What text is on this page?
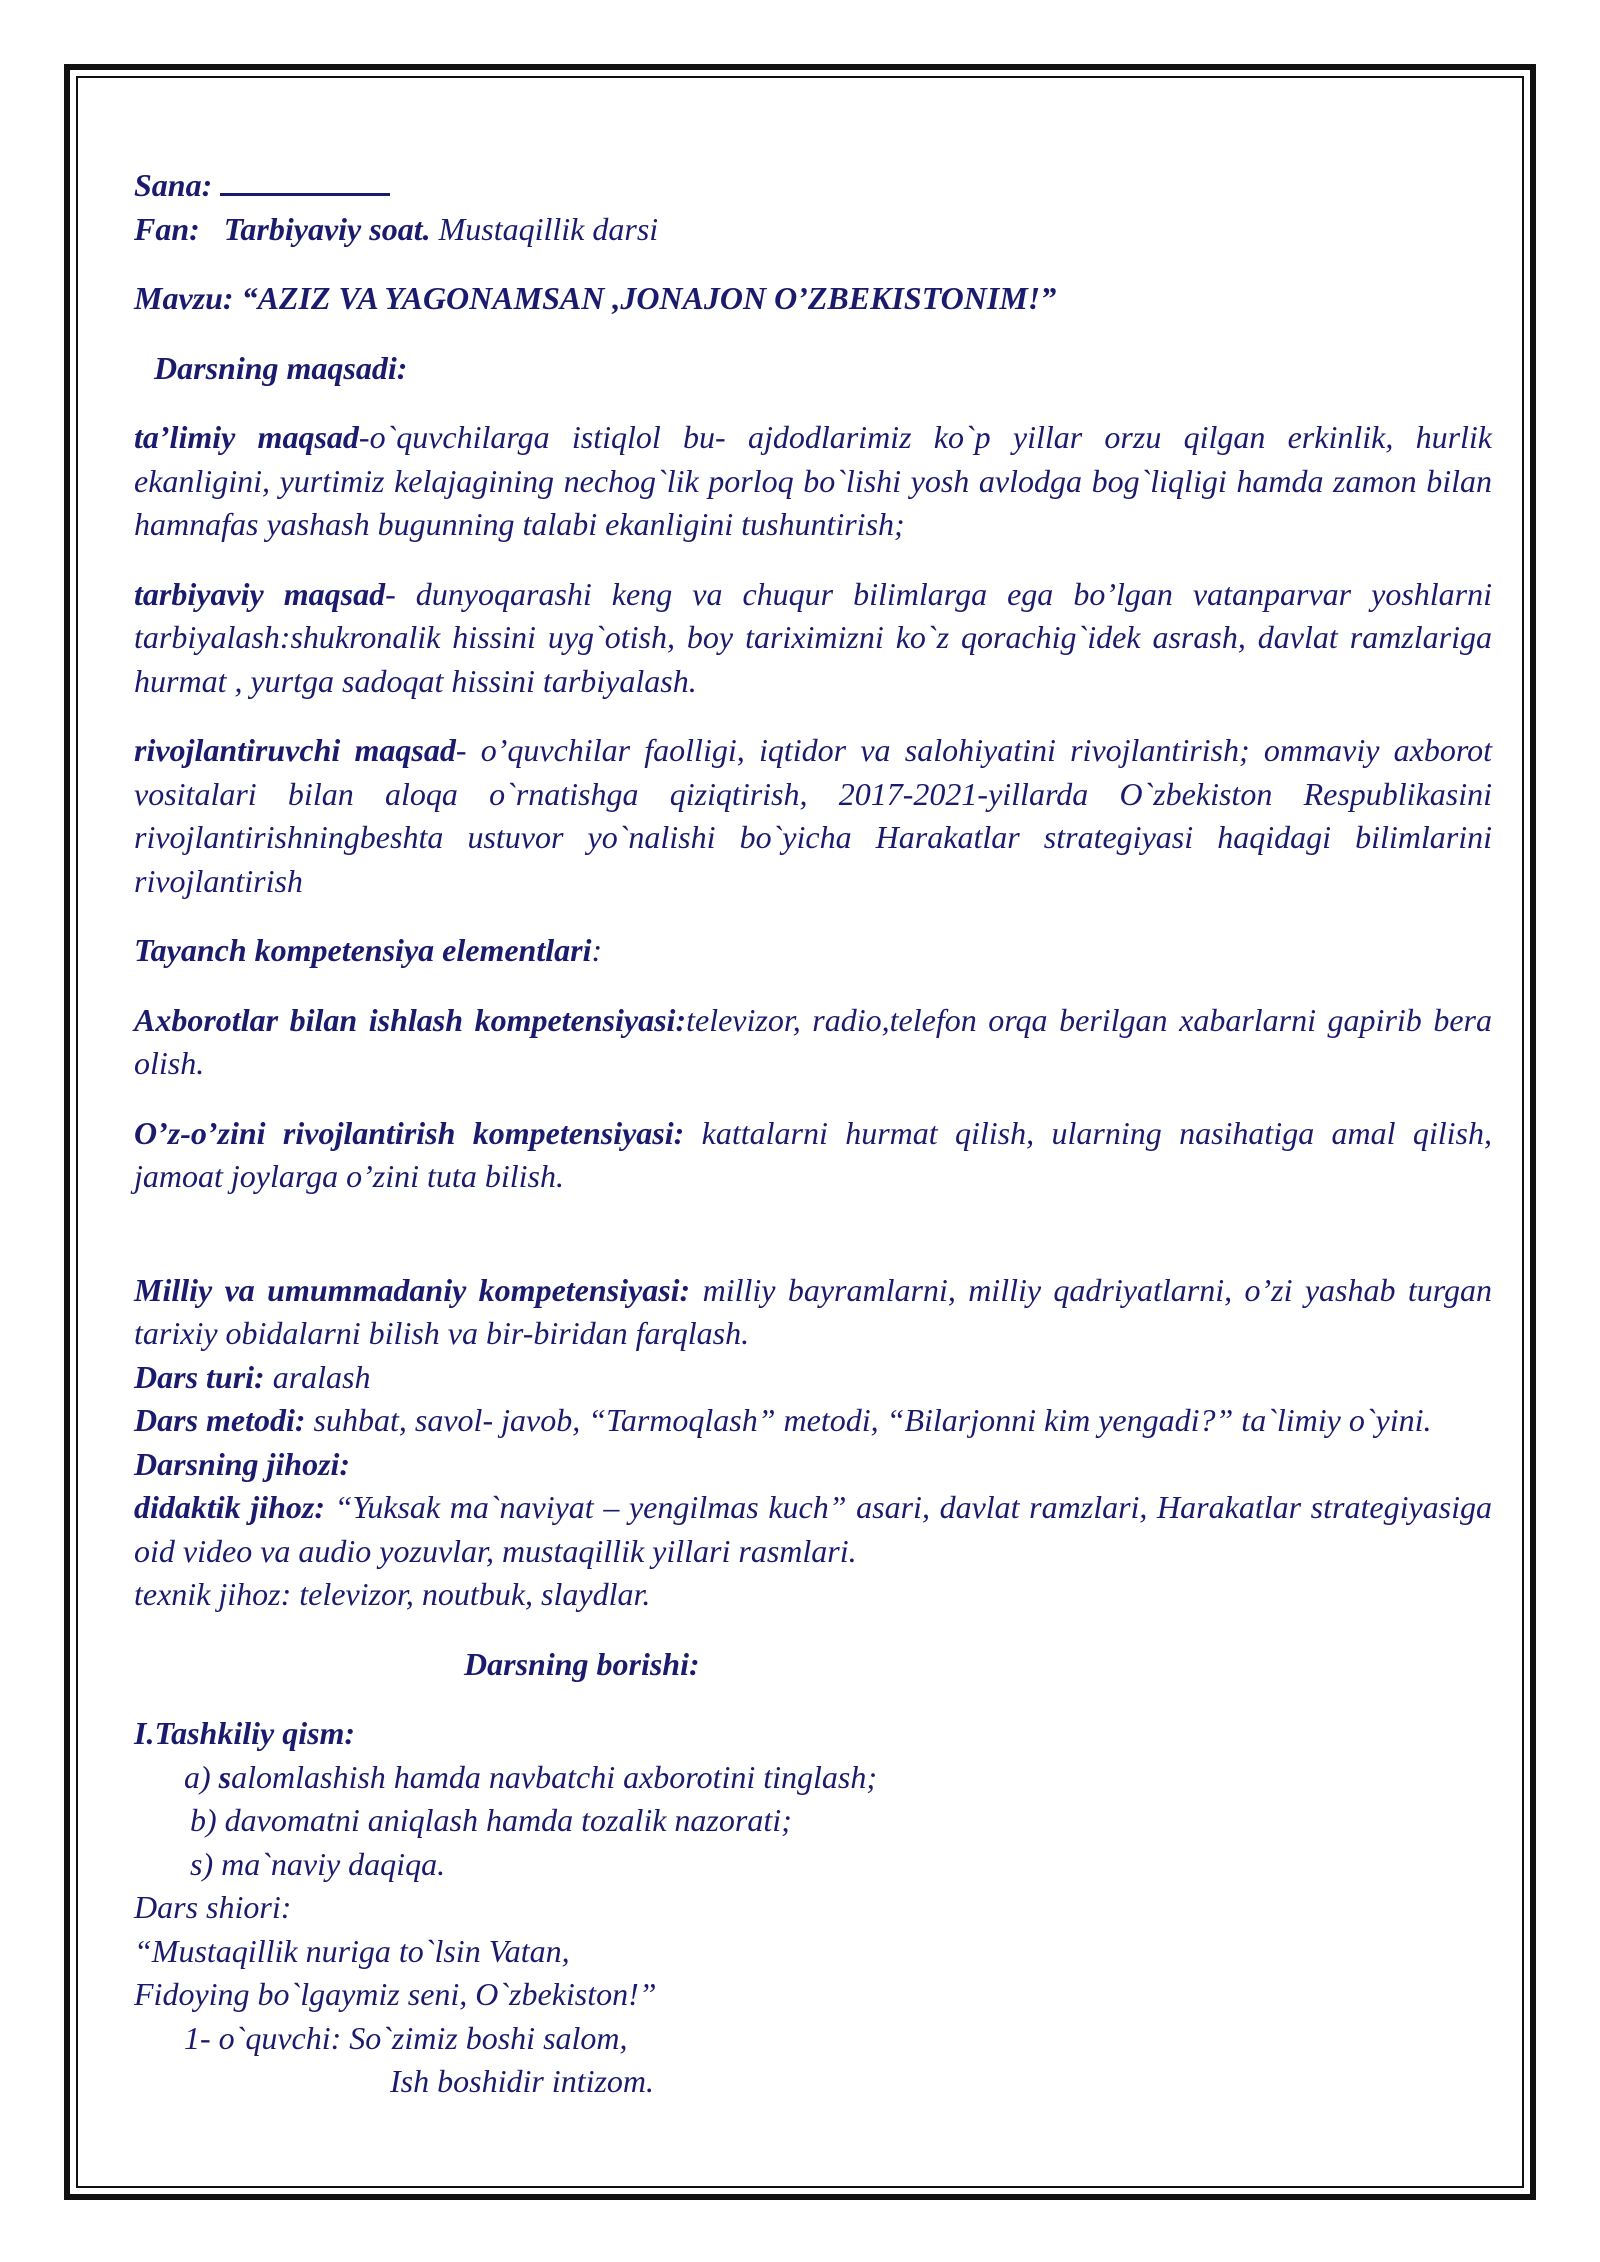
Sana:

Fan: Tarbiyaviy soat. Mustaqillik darsi

Mavzu: “AZIZ VA YAGONAMSAN ,JONAJON O’ZBEKISTONIM!”

Darsning maqsadi:

ta’limiy maqsad-o`quvchilarga istiqlol bu- ajdodlarimiz ko`p yillar orzu qilgan erkinlik, hurlik ekanligini, yurtimiz kelajagining nechog`lik porloq bo`lishi yosh avlodga bog`liqligi hamda zamon bilan hamnafas yashash bugunning talabi ekanligini tushuntirish;

tarbiyaviy maqsad- dunyoqarashi keng va chuqur bilimlarga ega bo’lgan vatanparvar yoshlarni tarbiyalash:shukronalik hissini uyg`otish, boy tariximizni ko`z qorachig`idek asrash, davlat ramzlariga hurmat , yurtga sadoqat hissini tarbiyalash.

rivojlantiruvchi maqsad- o’quvchilar faolligi, iqtidor va salohiyatini rivojlantirish; ommaviy axborot vositalari bilan aloqa o`rnatishga qiziqtirish, 2017-2021-yillarda O`zbekiston Respublikasini rivojlantirishningbeshta ustuvor yo`nalishi bo`yicha Harakatlar strategiyasi haqidagi bilimlarini rivojlantirish

Tayanch kompetensiya elementlari:

Axborotlar bilan ishlash kompetensiyasi:televizor, radio,telefon orqa berilgan xabarlarni gapirib bera olish.

O’z-o’zini rivojlantirish kompetensiyasi: kattalarni hurmat qilish, ularning nasihatiga amal qilish, jamoat joylarga o’zini tuta bilish.

Milliy va umummadaniy kompetensiyasi: milliy bayramlarni, milliy qadriyatlarni, o’zi yashab turgan tarixiy obidalarni bilish va bir-biridan farqlash.

Dars turi: aralash

Dars metodi: suhbat, savol- javob, “Tarmoqlash” metodi, “Bilarjonni kim yengadi?” ta`limiy o`yini.

Darsning jihozi:

didaktik jihoz: “Yuksak ma`naviyat – yengilmas kuch” asari, davlat ramzlari, Harakatlar strategiyasiga oid video va audio yozuvlar, mustaqillik yillari rasmlari.

texnik jihoz: televizor, noutbuk, slaydlar.

Darsning borishi:

I.Tashkiliy qism:

a) salomlashish hamda navbatchi axborotini tinglash;

b) davomatni aniqlash hamda tozalik nazorati;

s) ma`naviy daqiqa.

Dars shiori:

“Mustaqillik nuriga to`lsin Vatan,

Fidoying bo`lgaymiz seni, O`zbekiston!”

1- o`quvchi: So`zimiz boshi salom,

Ish boshidir intizom.
